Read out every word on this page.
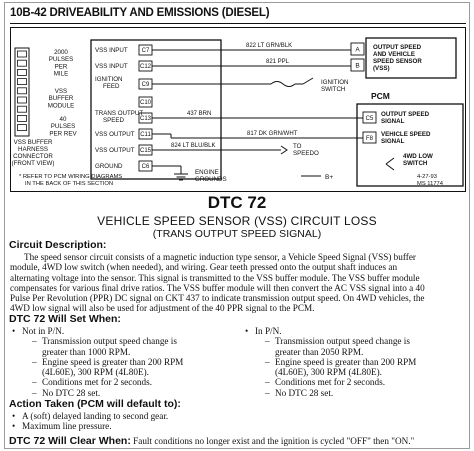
10B-42 DRIVEABILITY AND EMISSIONS (DIESEL)
2000
PULSES
PER
MILE
VSS
BUFFER
MODULE
40
PULSES
PER REV
VSS BUFFER
HARNESS
CONNECTOR
(FRONT VIEW)
* REFER TO PCM WIRING DIAGRAMS
IN THE BACK OF THIS SECTION
VSS INPUT C7
VSS INPUT C12
IGNITION
FEED	C9
C10
TRANS OUTPUT
SPEED	C13
VSS OUTPUT C11
VSS OUTPUT C15
GROUND	C6
822 LT GRN/BLK
821 PPL
A
B
OUTPUT SPEED
AND VEHICLE
SPEED SENSOR
(VSS)
IGNITION
SWITCH
PCM
437 BRN
C5
OUTPUT SPEED
SIGNAL
817 DK GRN/WHT
F8
VEHICLE SPEED
SIGNAL
4WD LOW
SWITCH
824 LT BLU/BLK	TO
SPEEDO
ENGINE
GROUNDS	B+	4-27-93
MS 11774
DTC 72
VEHICLE SPEED SENSOR (VSS) CIRCUIT LOSS
(TRANS OUTPUT SPEED SIGNAL)
Circuit Description:
The speed sensor circuit consists of a magnetic induction type sensor, a Vehicle Speed Signal (VSS) buffer
module, 4WD low switch (when needed), and wiring. Gear teeth pressed onto the output shaft induces an
alternating voltage into the sensor. This signal is transmitted to the VSS buffer module. The VSS buffer module
compensates for various final drive ratios. The VSS buffer module will then convert the AC VSS signal into a 40
Pulse Per Revolution (PPR) DC signal on CKT 437 to indicate transmission output speed. On 4WD vehicles, the
4WD low signal will also be used for adjustment of the 40 PPR signal to the PCM.
DTC 72 Will Set When:
• Not in P/N.
– Transmission output speed change is
greater than 1000 RPM.
– Engine speed is greater than 200 RPM
(4L60E), 300 RPM (4L80E).
– Conditions met for 2 seconds.
– No DTC 28 set.
• In P/N.
– Transmission output speed change is
greater than 2050 RPM.
– Engine speed is greater than 200 RPM
(4L60E), 300 RPM (4L80E).
– Conditions met for 2 seconds.
– No DTC 28 set.
Action Taken (PCM will default to):
• A (soft) delayed landing to second gear.
• Maximum line pressure.
DTC 72 Will Clear When: Fault conditions no longer exist and the ignition is cycled "OFF" then "ON."
